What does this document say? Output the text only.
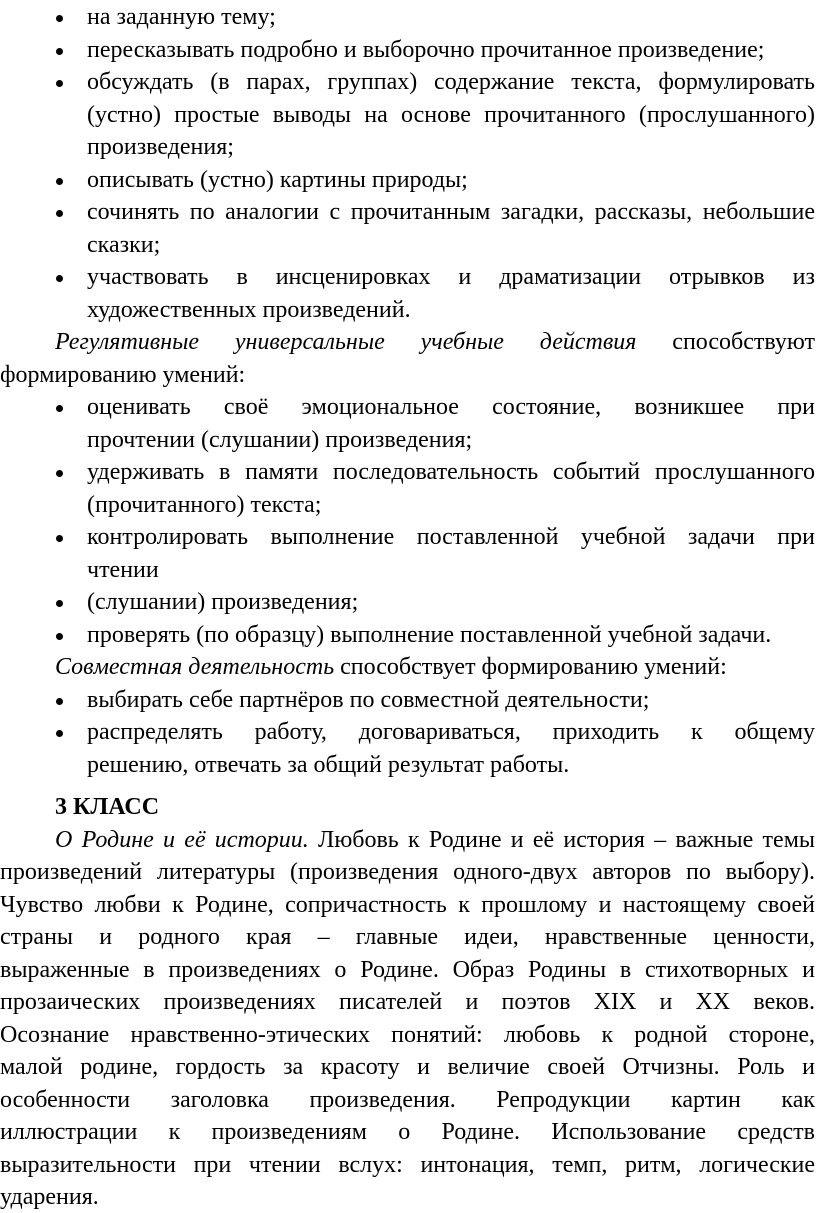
на заданную тему;
пересказывать подробно и выборочно прочитанное произведение;
обсуждать (в парах, группах) содержание текста, формулировать
(устно) простые выводы на основе прочитанного (прослушанного)
произведения;
описывать (устно) картины природы;
сочинять по аналогии с прочитанным загадки, рассказы, небольшие
сказки;
участвовать в инсценировках и драматизации отрывков из
художественных произведений.
Регулятивные универсальные учебные действия способствуют
формированию умений:
оценивать своё эмоциональное состояние, возникшее при
прочтении (слушании) произведения;
удерживать в памяти последовательность событий прослушанного
(прочитанного) текста;
контролировать выполнение поставленной учебной задачи при
чтении
(слушании) произведения;
проверять (по образцу) выполнение поставленной учебной задачи.
Совместная деятельность способствует формированию умений:
выбирать себе партнёров по совместной деятельности;
распределять работу, договариваться, приходить к общему
решению, отвечать за общий результат работы.
3 КЛАСС
О Родине и её истории. Любовь к Родине и её история – важные темы
произведений литературы (произведения одного-двух авторов по выбору).
Чувство любви к Родине, сопричастность к прошлому и настоящему своей
страны и родного края – главные идеи, нравственные ценности,
выраженные в произведениях о Родине. Образ Родины в стихотворных и
прозаических произведениях писателей и поэтов XIX и XX веков.
Осознание нравственно-этических понятий: любовь к родной стороне,
малой родине, гордость за красоту и величие своей Отчизны. Роль и
особенности заголовка произведения. Репродукции картин как
иллюстрации к произведениям о Родине. Использование средств
выразительности при чтении вслух: интонация, темп, ритм, логические
ударения.
